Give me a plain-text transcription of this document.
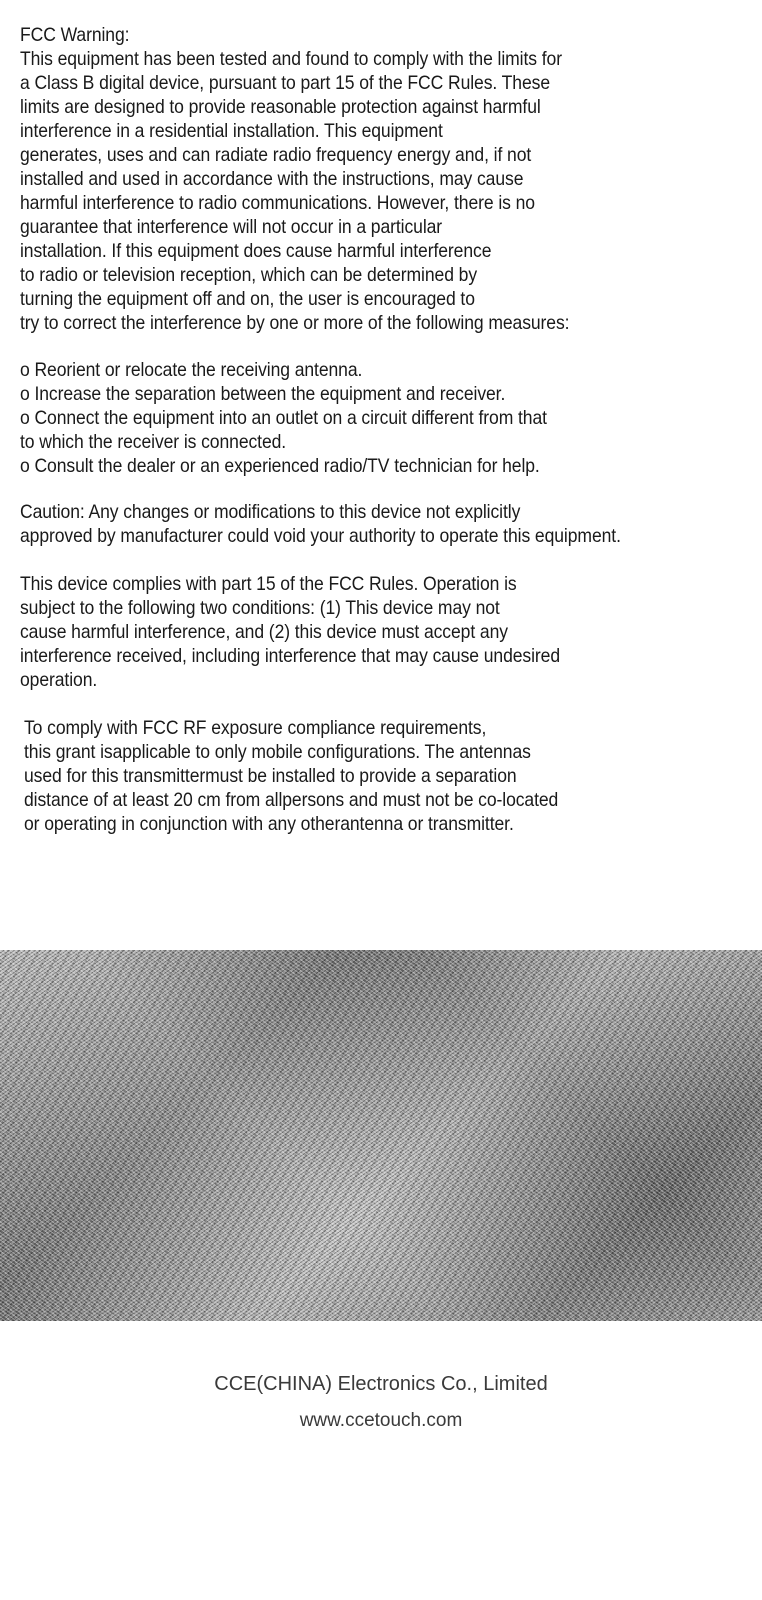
FCC Warning:
This equipment has been tested and found to comply with the limits for
a Class B digital device, pursuant to part 15 of the FCC Rules. These
limits are designed to provide reasonable protection against harmful
interference in a residential installation. This equipment
generates, uses and can radiate radio frequency energy and, if not
installed and used in accordance with the instructions, may cause
harmful interference to radio communications. However, there is no
guarantee that interference will not occur in a particular
installation. If this equipment does cause harmful interference
to radio or television reception, which can be determined by
turning the equipment off and on, the user is encouraged to
try to correct the interference by one or more of the following measures:
o Reorient or relocate the receiving antenna.
o Increase the separation between the equipment and receiver.
o Connect the equipment into an outlet on a circuit different from that
to which the receiver is connected.
o Consult the dealer or an experienced radio/TV technician for help.
Caution: Any changes or modifications to this device not explicitly
approved by manufacturer could void your authority to operate this equipment.
This device complies with part 15 of the FCC Rules. Operation is
subject to the following two conditions: (1) This device may not
cause harmful interference, and (2) this device must accept any
interference received, including interference that may cause undesired
operation.
To comply with FCC RF exposure compliance requirements,
this grant isapplicable to only mobile configurations. The antennas
used for this transmittermust be installed to provide a separation
distance of at least 20 cm from allpersons and must not be co-located
or operating in conjunction with any otherantenna or transmitter.
CCE(CHINA) Electronics Co., Limited
www.ccetouch.com
